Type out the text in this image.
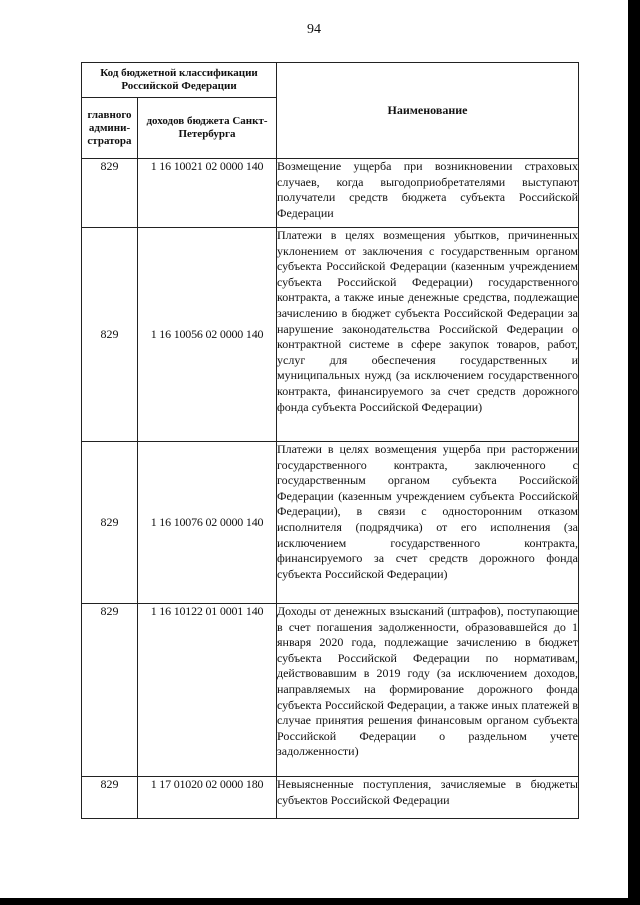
94
Код бюджетной классификации Российской Федерации		Наименование
главного админи-стратора	доходов бюджета Санкт-Петербурга	
829	1 16 10021 02 0000 140	Возмещение ущерба при возникновении страховых случаев, когда выгодоприобретателями выступают получатели средств бюджета субъекта Российской Федерации
829	1 16 10056 02 0000 140	Платежи в целях возмещения убытков, причиненных уклонением от заключения с государственным органом субъекта Российской Федерации (казенным учреждением субъекта Российской Федерации) государственного контракта, а также иные денежные средства, подлежащие зачислению в бюджет субъекта Российской Федерации за нарушение законодательства Российской Федерации о контрактной системе в сфере закупок товаров, работ, услуг для обеспечения государственных и муниципальных нужд (за исключением государственного контракта, финансируемого за счет средств дорожного фонда субъекта Российской Федерации)
829	1 16 10076 02 0000 140	Платежи в целях возмещения ущерба при расторжении государственного контракта, заключенного с государственным органом субъекта Российской Федерации (казенным учреждением субъекта Российской Федерации), в связи с односторонним отказом исполнителя (подрядчика) от его исполнения (за исключением государственного контракта, финансируемого за счет средств дорожного фонда субъекта Российской Федерации)
829	1 16 10122 01 0001 140	Доходы от денежных взысканий (штрафов), поступающие в счет погашения задолженности, образовавшейся до 1 января 2020 года, подлежащие зачислению в бюджет субъекта Российской Федерации по нормативам, действовавшим в 2019 году (за исключением доходов, направляемых на формирование дорожного фонда субъекта Российской Федерации, а также иных платежей в случае принятия решения финансовым органом субъекта Российской Федерации о раздельном учете задолженности)
829	1 17 01020 02 0000 180	Невыясненные поступления, зачисляемые в бюджеты субъектов Российской Федерации
